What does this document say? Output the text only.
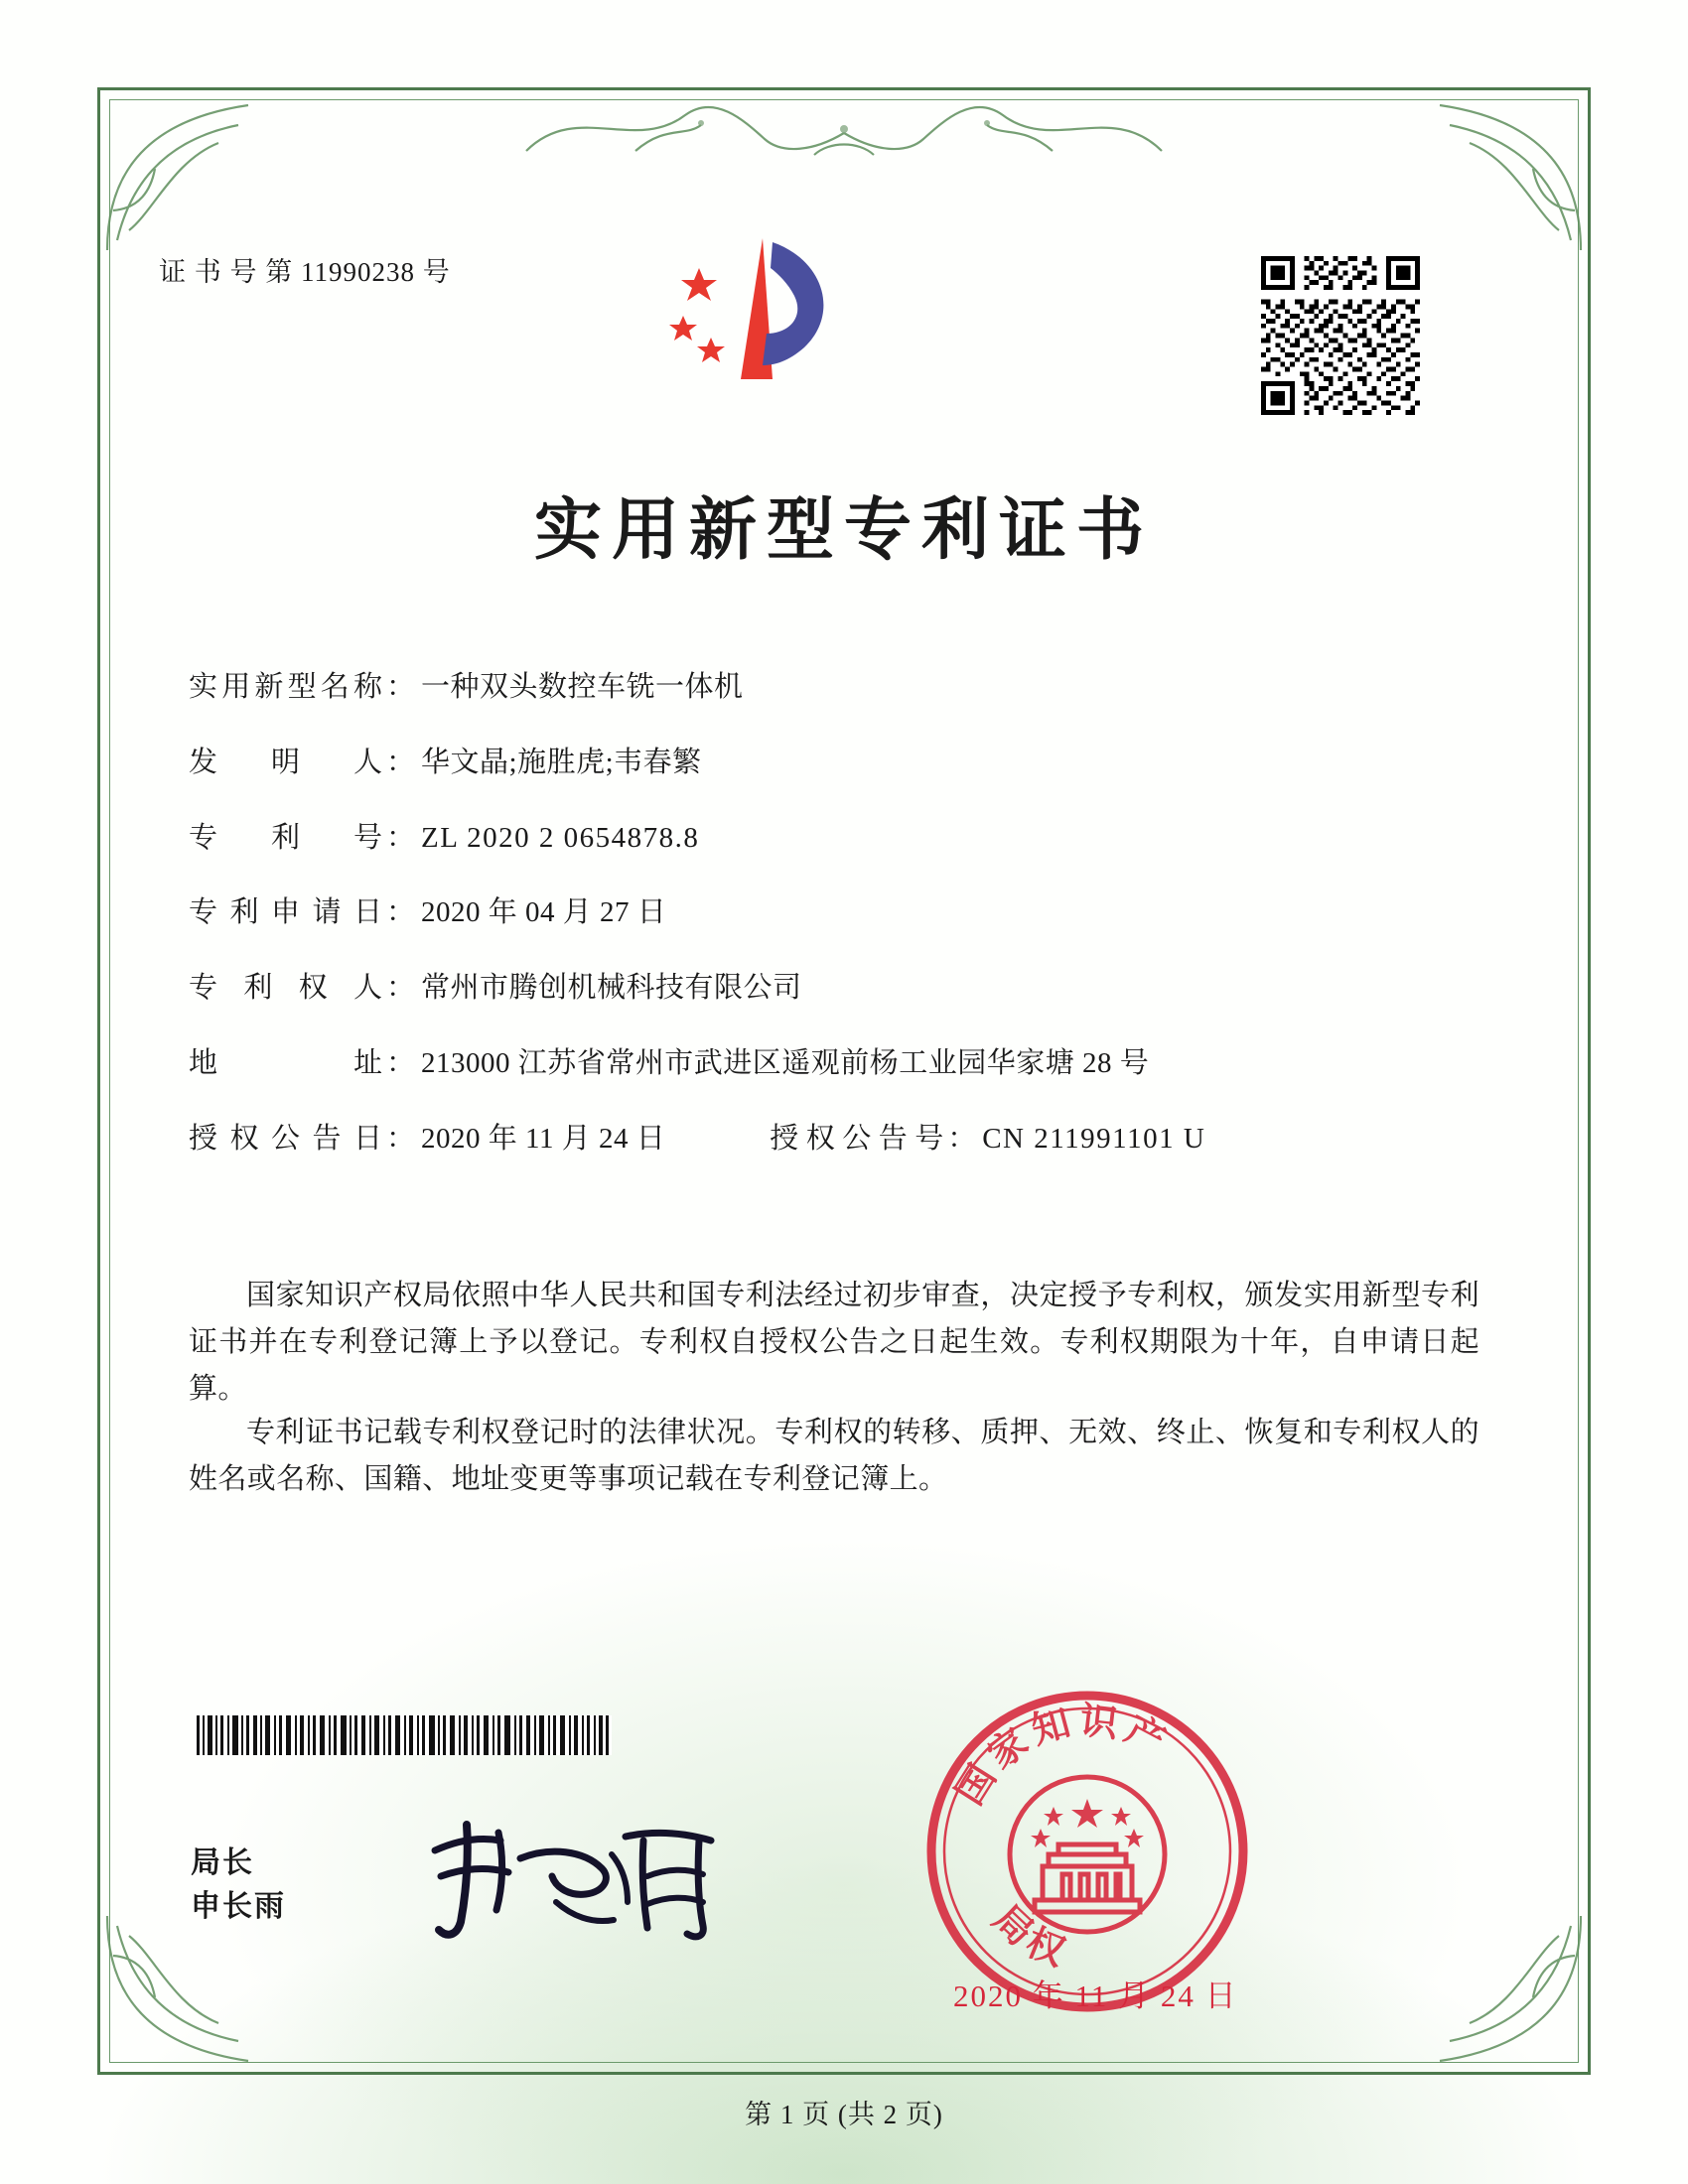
证 书 号 第 11990238 号
实用新型专利证书
实用新型名称 ： 一种双头数控车铣一体机
发 明 人 ： 华文晶;施胜虎;韦春繁
专 利 号 ： ZL 2020 2 0654878.8
专利申请日 ： 2020 年 04 月 27 日
专 利 权 人 ： 常州市腾创机械科技有限公司
地 址 ： 213000 江苏省常州市武进区遥观前杨工业园华家塘 28 号
授权公告日 ： 2020 年 11 月 24 日	授权公告号 ： CN 211991101 U
国家知识产权局依照中华人民共和国专利法经过初步审查，决定授予专利权，颁发实用新型专利证书并在专利登记簿上予以登记。专利权自授权公告之日起生效。专利权期限为十年，自申请日起算。
专利证书记载专利权登记时的法律状况。专利权的转移、质押、无效、终止、恢复和专利权人的姓名或名称、国籍、地址变更等事项记载在专利登记簿上。
局长
申长雨
国家知识产
局权
2020 年 11 月 24 日
第 1 页 (共 2 页)
